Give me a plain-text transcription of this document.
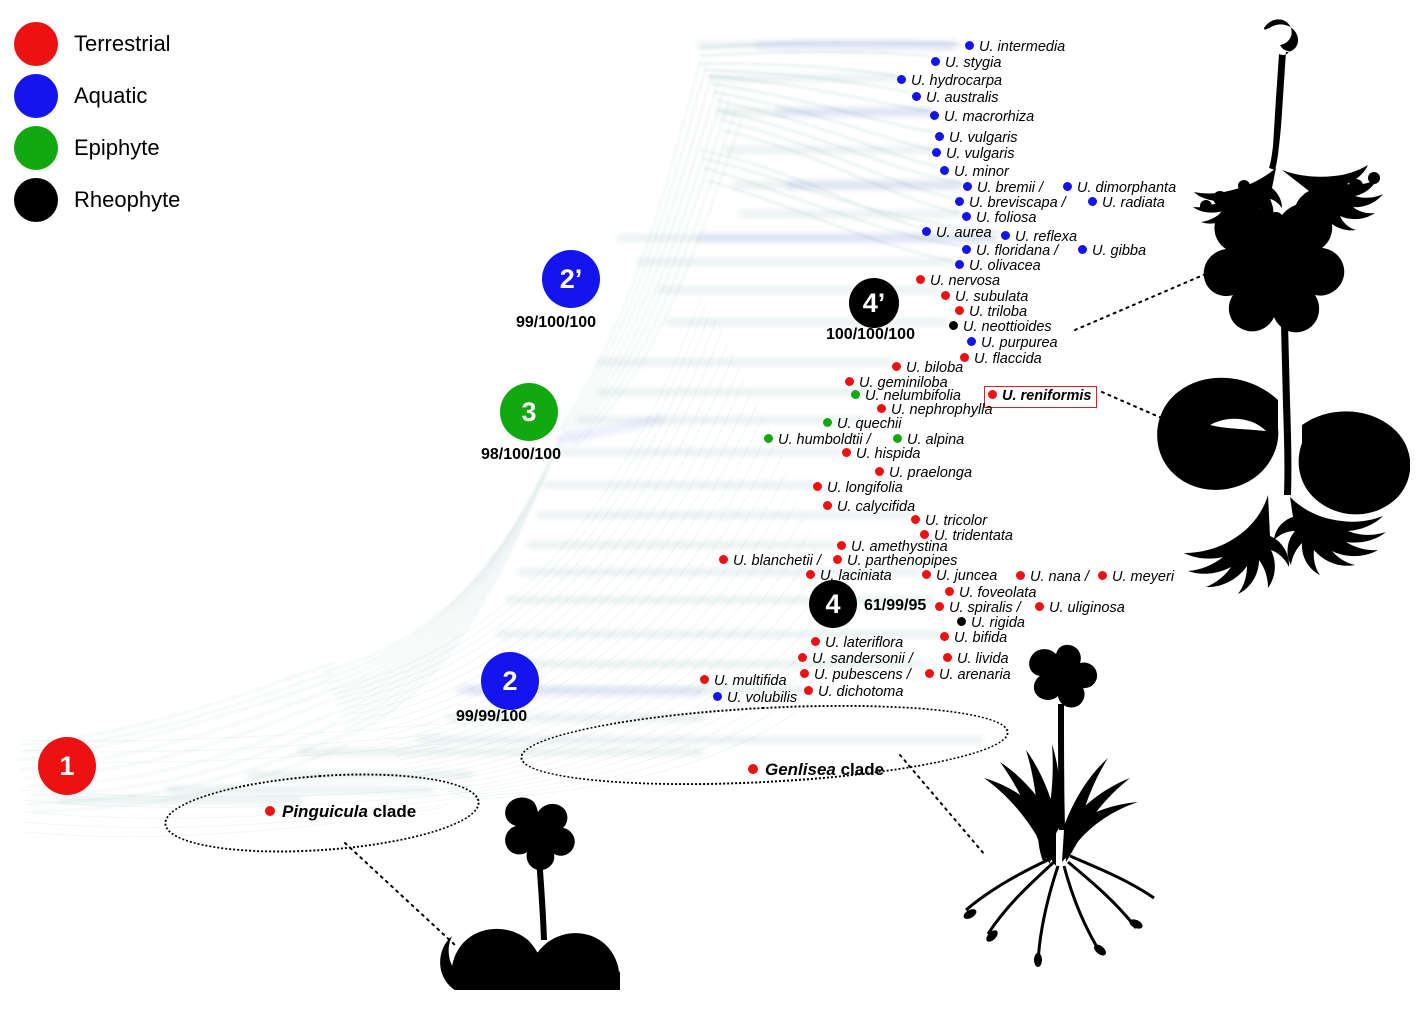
Terrestrial
Aquatic
Epiphyte
Rheophyte
Pinguicula clade
Genlisea clade
1
2
99/99/100
2’
99/100/100
3
98/100/100
4 61/99/95
4’
100/100/100
U. intermedia
U. stygia
U. hydrocarpa
U. australis
U. macrorhiza
U. vulgaris
U. vulgaris
U. minor
U. bremii /	U. dimorphanta
U. breviscapa /	U. radiata
U. foliosa
U. aurea	U. reflexa
U. floridana /	U. gibba
U. olivacea
U. nervosa
U. subulata
U. triloba
U. neottioides
U. purpurea
U. flaccida
U. biloba
U. geminiloba
U. nelumbifolia	U. reniformis
U. nephrophylla
U. quechii
U. humboldtii /	U. alpina
U. hispida
U. praelonga
U. longifolia
U. calycifida
U. tricolor
U. tridentata
U. amethystina
U. blanchetii /	U. parthenopipes
U. laciniata	U. juncea	U. nana /	U. meyeri
U. foveolata
U. spiralis /	U. uliginosa
U. rigida
U. bifida
U. lateriflora
U. sandersonii /	U. livida
U. pubescens /	U. arenaria
U. multifida
U. dichotoma
U. volubilis
